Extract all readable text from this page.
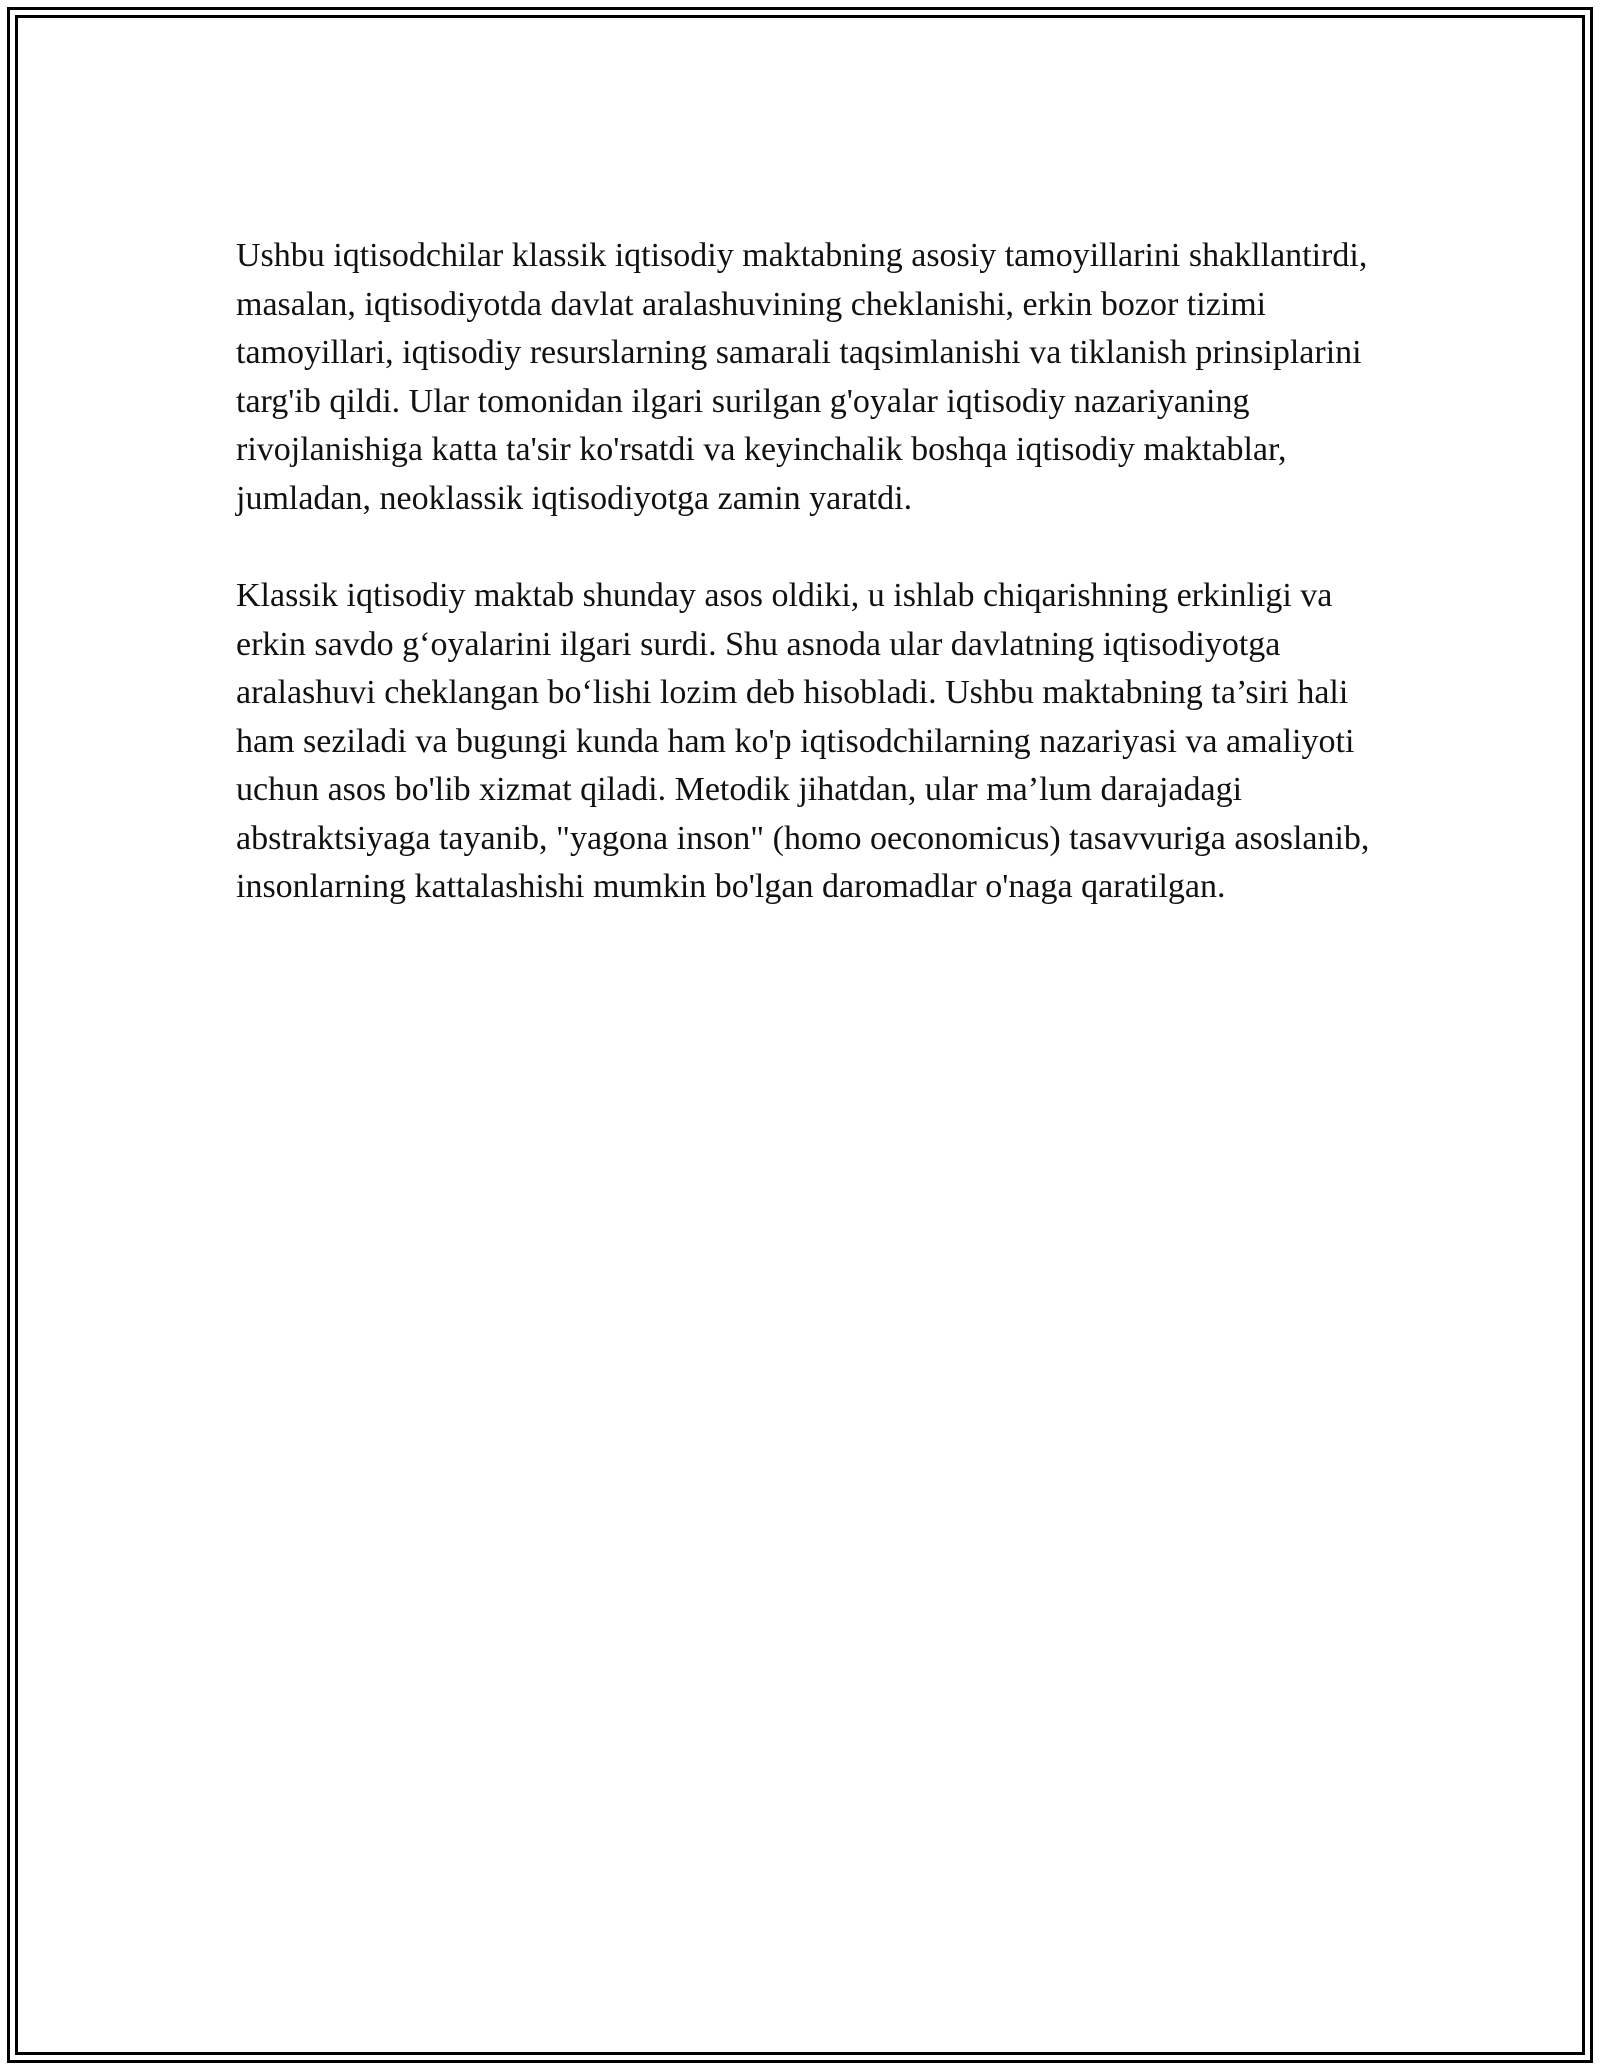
Ushbu iqtisodchilar klassik iqtisodiy maktabning asosiy tamoyillarini shakllantirdi, masalan, iqtisodiyotda davlat aralashuvining cheklanishi, erkin bozor tizimi tamoyillari, iqtisodiy resurslarning samarali taqsimlanishi va tiklanish prinsiplarini targ'ib qildi. Ular tomonidan ilgari surilgan g'oyalar iqtisodiy nazariyaning rivojlanishiga katta ta'sir ko'rsatdi va keyinchalik boshqa iqtisodiy maktablar, jumladan, neoklassik iqtisodiyotga zamin yaratdi.

Klassik iqtisodiy maktab shunday asos oldiki, u ishlab chiqarishning erkinligi va erkin savdo g‘oyalarini ilgari surdi. Shu asnoda ular davlatning iqtisodiyotga aralashuvi cheklangan bo‘lishi lozim deb hisobladi. Ushbu maktabning ta’siri hali ham seziladi va bugungi kunda ham ko'p iqtisodchilarning nazariyasi va amaliyoti uchun asos bo'lib xizmat qiladi. Metodik jihatdan, ular ma’lum darajadagi abstraktsiyaga tayanib, "yagona inson" (homo oeconomicus) tasavvuriga asoslanib, insonlarning kattalashishi mumkin bo'lgan daromadlar o'naga qaratilgan.
